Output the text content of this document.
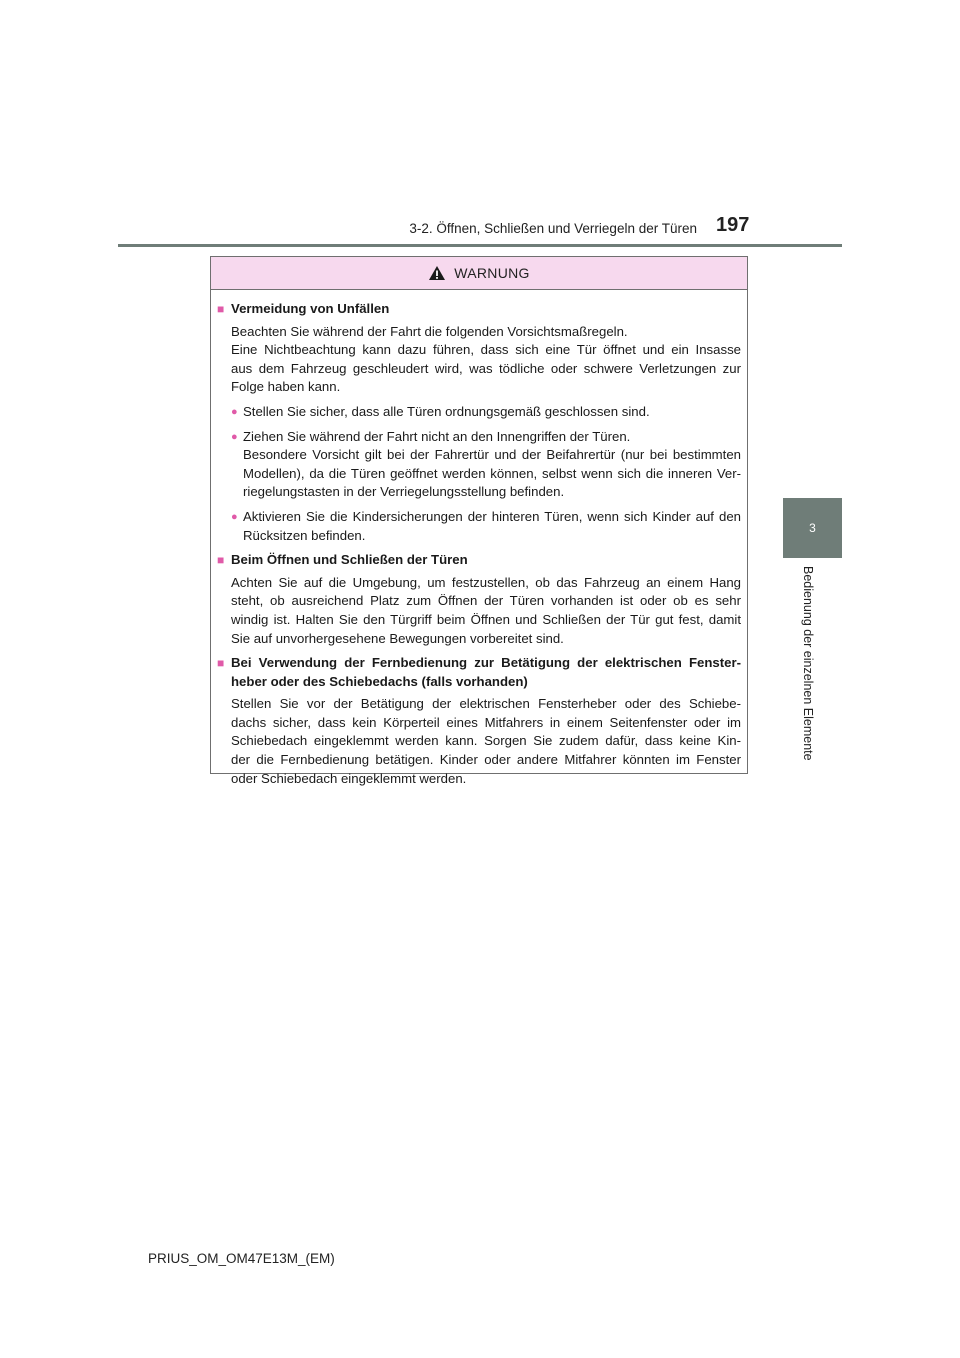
3-2. Öffnen, Schließen und Verriegeln der Türen 197
3
Bedienung der einzelnen Elemente
WARNUNG
■ Vermeidung von Unfällen
Beachten Sie während der Fahrt die folgenden Vorsichtsmaßregeln.
Eine Nichtbeachtung kann dazu führen, dass sich eine Tür öffnet und ein Insasse
aus dem Fahrzeug geschleudert wird, was tödliche oder schwere Verletzungen zur
Folge haben kann.
● Stellen Sie sicher, dass alle Türen ordnungsgemäß geschlossen sind.
● Ziehen Sie während der Fahrt nicht an den Innengriffen der Türen.
Besondere Vorsicht gilt bei der Fahrertür und der Beifahrertür (nur bei bestimmten
Modellen), da die Türen geöffnet werden können, selbst wenn sich die inneren Ver-
riegelungstasten in der Verriegelungsstellung befinden.
● Aktivieren Sie die Kindersicherungen der hinteren Türen, wenn sich Kinder auf den
Rücksitzen befinden.
■ Beim Öffnen und Schließen der Türen
Achten Sie auf die Umgebung, um festzustellen, ob das Fahrzeug an einem Hang
steht, ob ausreichend Platz zum Öffnen der Türen vorhanden ist oder ob es sehr
windig ist. Halten Sie den Türgriff beim Öffnen und Schließen der Tür gut fest, damit
Sie auf unvorhergesehene Bewegungen vorbereitet sind.
■ Bei Verwendung der Fernbedienung zur Betätigung der elektrischen Fenster-
heber oder des Schiebedachs (falls vorhanden)
Stellen Sie vor der Betätigung der elektrischen Fensterheber oder des Schiebe-
dachs sicher, dass kein Körperteil eines Mitfahrers in einem Seitenfenster oder im
Schiebedach eingeklemmt werden kann. Sorgen Sie zudem dafür, dass keine Kin-
der die Fernbedienung betätigen. Kinder oder andere Mitfahrer könnten im Fenster
oder Schiebedach eingeklemmt werden.
PRIUS_OM_OM47E13M_(EM)
